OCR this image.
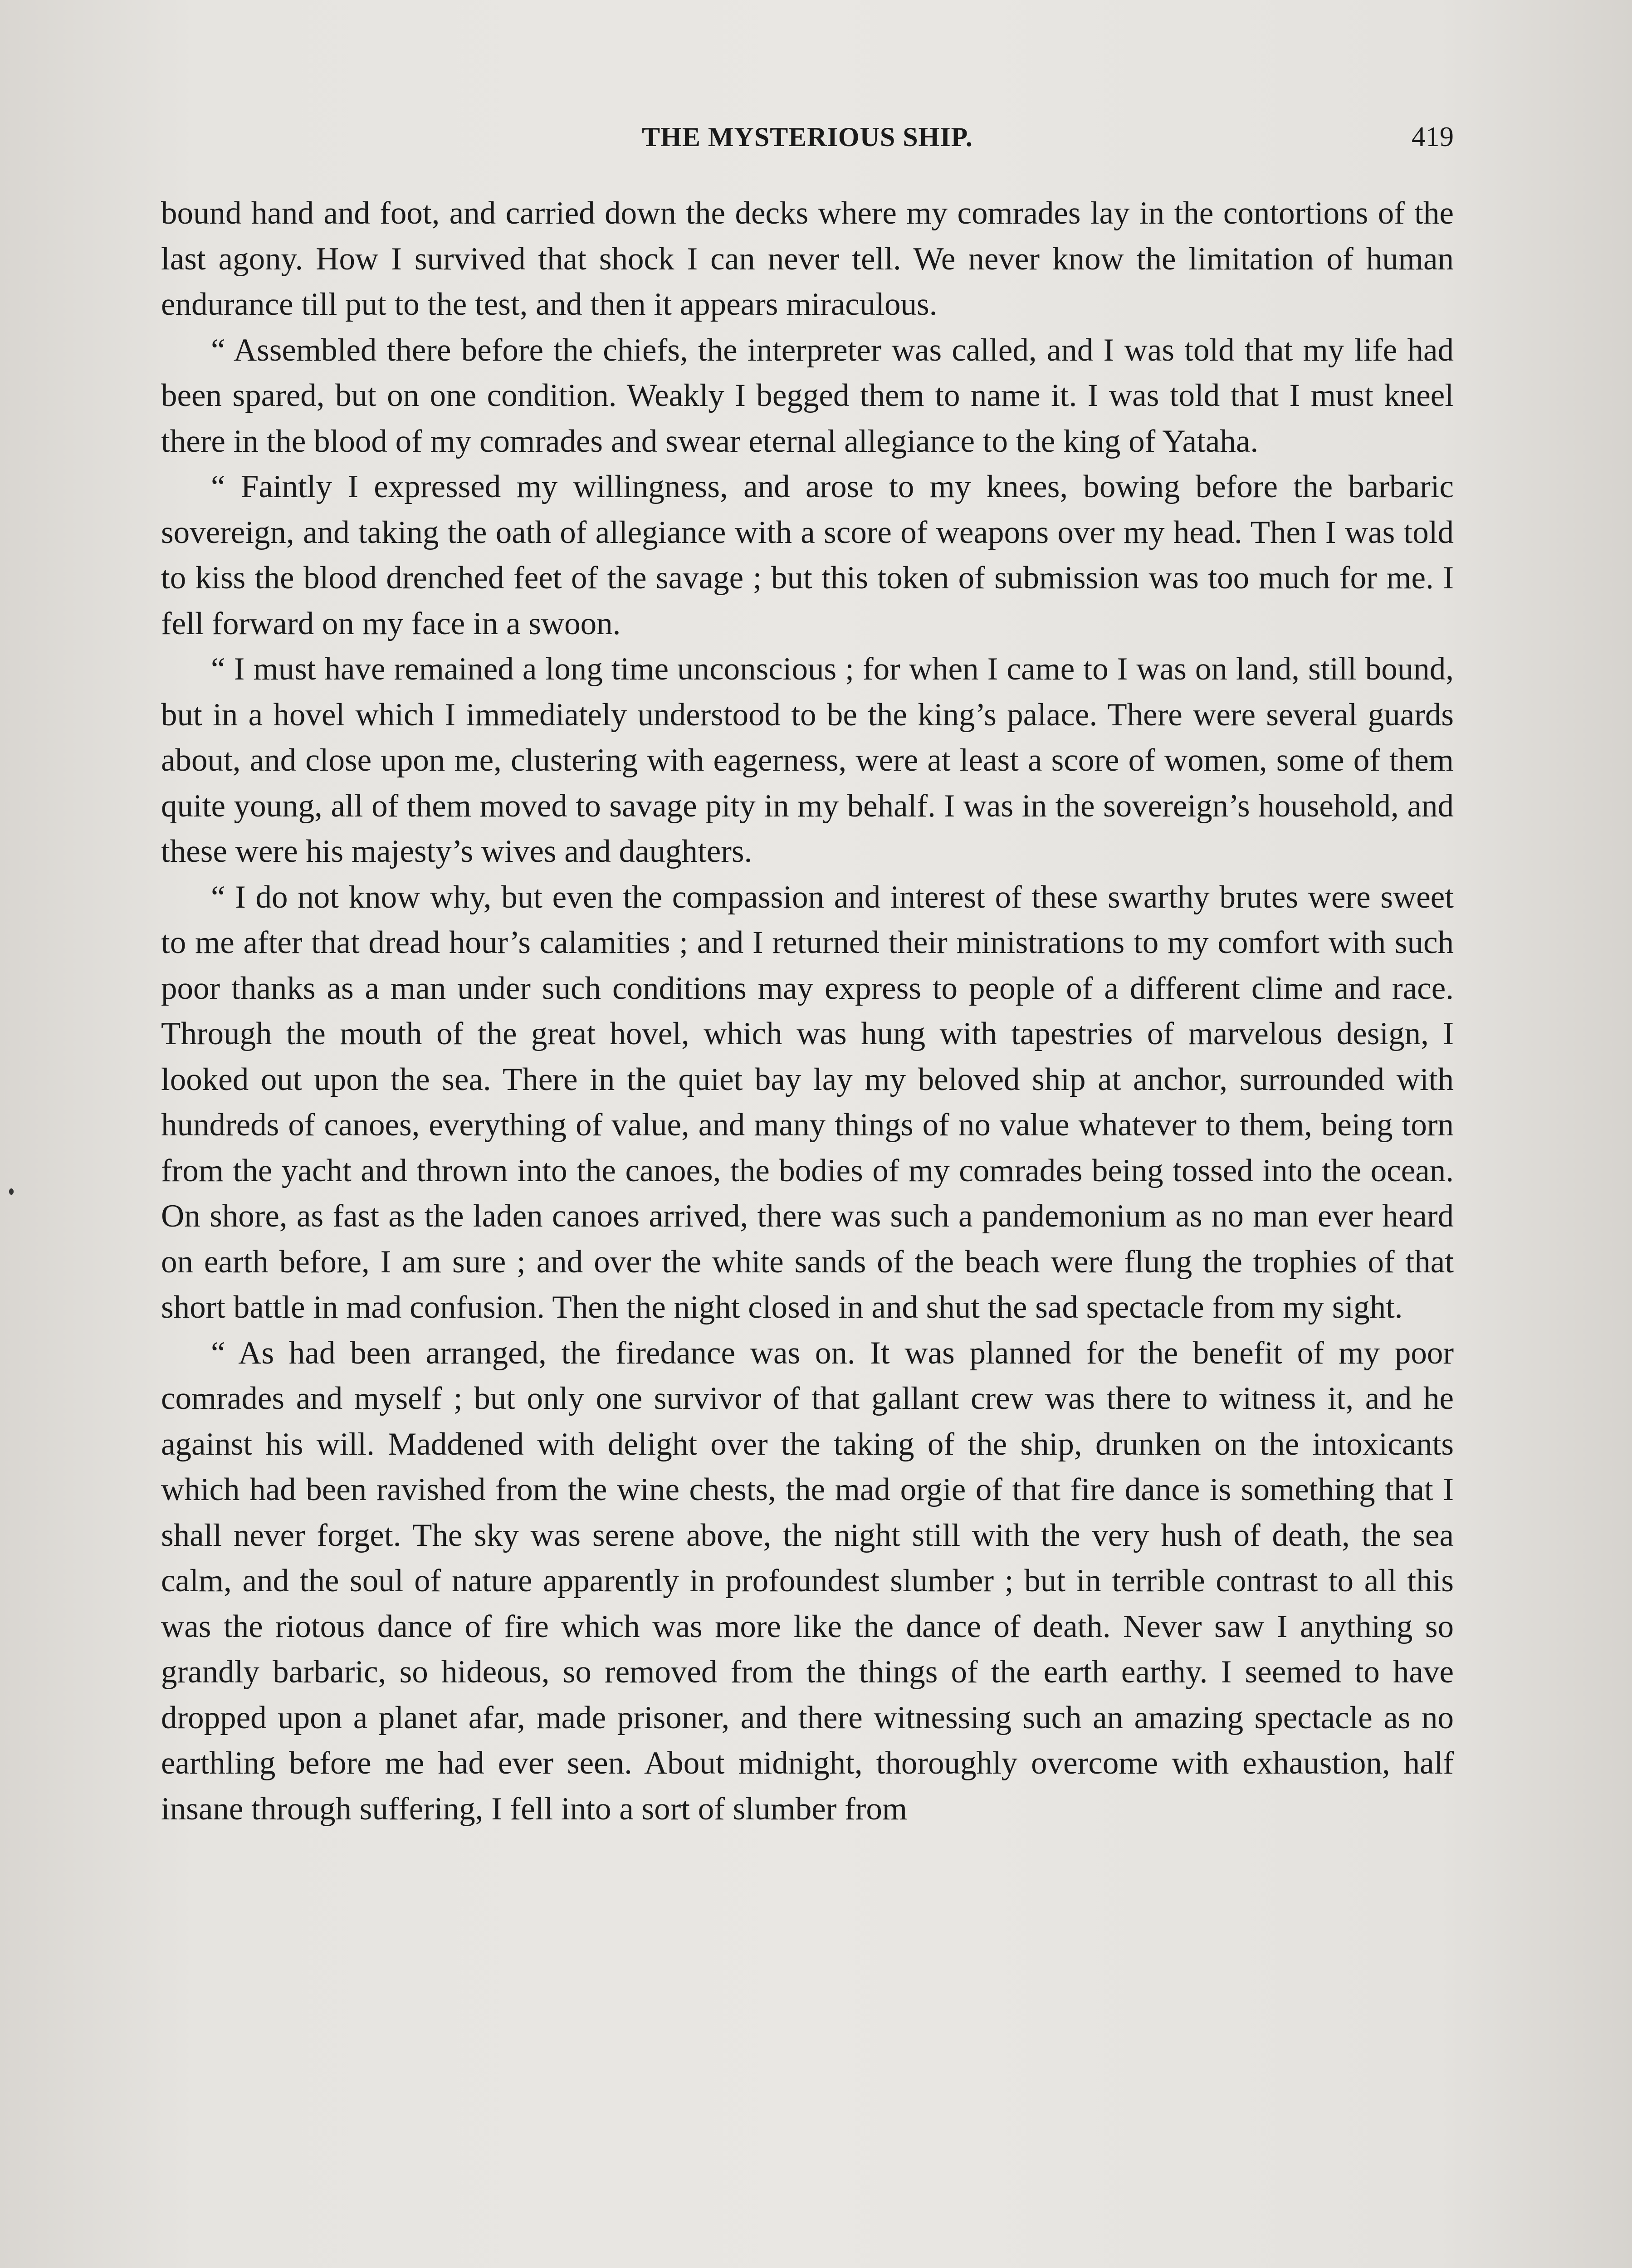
THE MYSTERIOUS SHIP.	419

bound hand and foot, and carried down the decks where my comrades lay in the contortions of the last agony. How I survived that shock I can never tell. We never know the limitation of human endurance till put to the test, and then it appears miraculous.

“ Assembled there before the chiefs, the interpreter was called, and I was told that my life had been spared, but on one condition. Weakly I begged them to name it. I was told that I must kneel there in the blood of my comrades and swear eternal allegiance to the king of Yataha.

“ Faintly I expressed my willingness, and arose to my knees, bowing before the barbaric sovereign, and taking the oath of allegiance with a score of weapons over my head. Then I was told to kiss the blood drenched feet of the savage ; but this token of submission was too much for me. I fell forward on my face in a swoon.

“ I must have remained a long time unconscious ; for when I came to I was on land, still bound, but in a hovel which I immediately understood to be the king’s palace. There were several guards about, and close upon me, clustering with eagerness, were at least a score of women, some of them quite young, all of them moved to savage pity in my behalf. I was in the sovereign’s household, and these were his majesty’s wives and daughters.

“ I do not know why, but even the compassion and interest of these swarthy brutes were sweet to me after that dread hour’s calamities ; and I returned their ministrations to my comfort with such poor thanks as a man under such conditions may express to people of a different clime and race. Through the mouth of the great hovel, which was hung with tapestries of marvelous design, I looked out upon the sea. There in the quiet bay lay my beloved ship at anchor, surrounded with hundreds of canoes, everything of value, and many things of no value whatever to them, being torn from the yacht and thrown into the canoes, the bodies of my comrades being tossed into the ocean. On shore, as fast as the laden canoes arrived, there was such a pandemonium as no man ever heard on earth before, I am sure ; and over the white sands of the beach were flung the trophies of that short battle in mad confusion. Then the night closed in and shut the sad spectacle from my sight.

“ As had been arranged, the firedance was on. It was planned for the benefit of my poor comrades and myself ; but only one survivor of that gallant crew was there to witness it, and he against his will. Maddened with delight over the taking of the ship, drunken on the intoxicants which had been ravished from the wine chests, the mad orgie of that fire dance is something that I shall never forget. The sky was serene above, the night still with the very hush of death, the sea calm, and the soul of nature apparently in profoundest slumber ; but in terrible contrast to all this was the riotous dance of fire which was more like the dance of death. Never saw I anything so grandly barbaric, so hideous, so removed from the things of the earth earthy. I seemed to have dropped upon a planet afar, made prisoner, and there witnessing such an amazing spectacle as no earthling before me had ever seen. About midnight, thoroughly overcome with exhaustion, half insane through suffering, I fell into a sort of slumber from
